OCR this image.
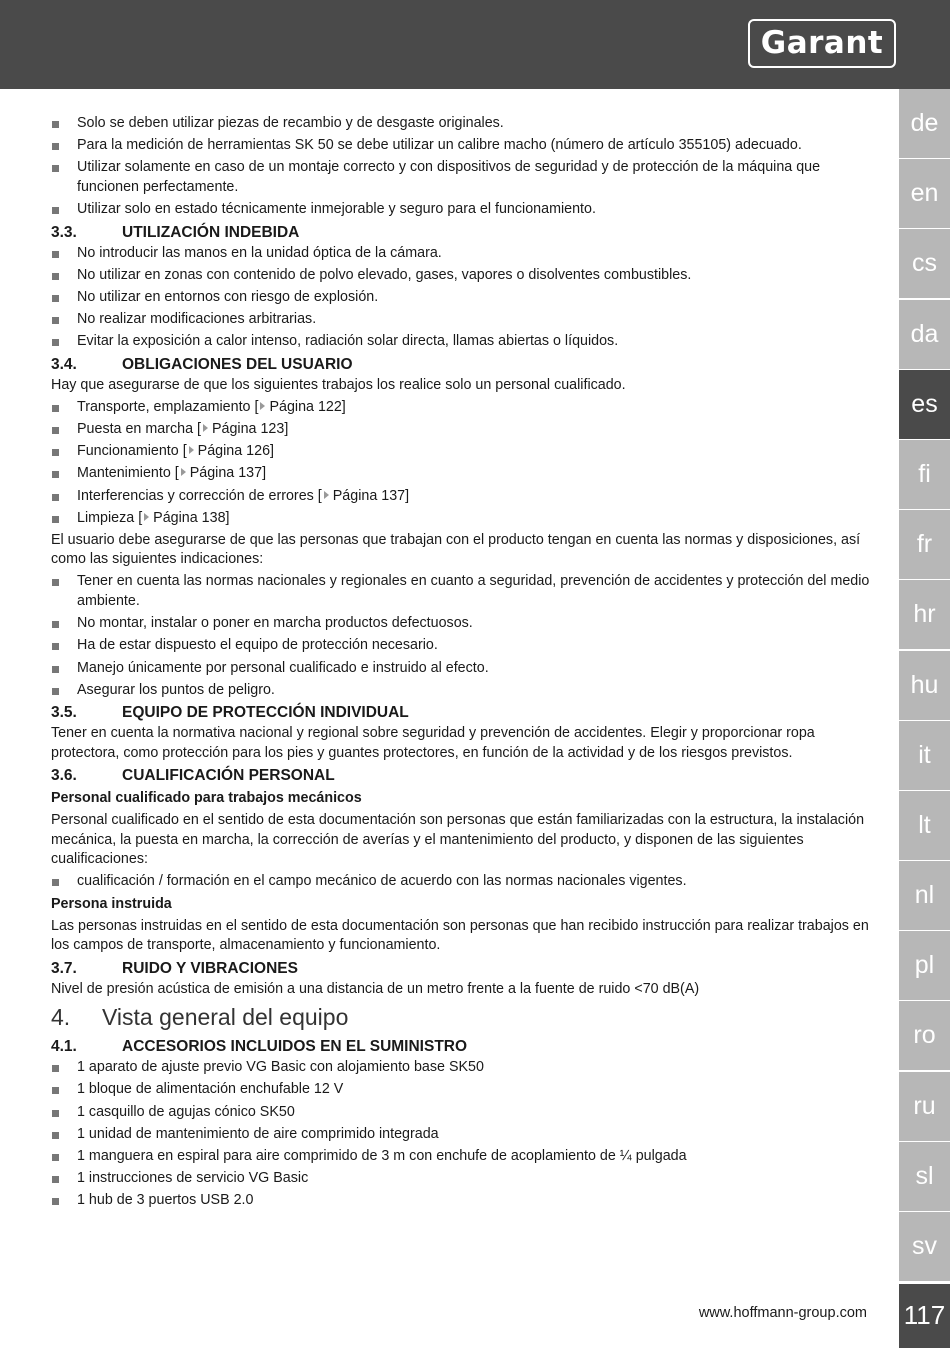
Garant
de
en
cs
da
es
fi
fr
hr
hu
it
lt
nl
pl
ro
ru
sl
sv
117
www.hoffmann-group.com
Solo se deben utilizar piezas de recambio y de desgaste originales.
Para la medición de herramientas SK 50 se debe utilizar un calibre macho (número de artículo 355105) adecuado.
Utilizar solamente en caso de un montaje correcto y con dispositivos de seguridad y de protección de la máquina que funcionen perfectamente.
Utilizar solo en estado técnicamente inmejorable y seguro para el funcionamiento.
3.3.	UTILIZACIÓN INDEBIDA
No introducir las manos en la unidad óptica de la cámara.
No utilizar en zonas con contenido de polvo elevado, gases, vapores o disolventes combustibles.
No utilizar en entornos con riesgo de explosión.
No realizar modificaciones arbitrarias.
Evitar la exposición a calor intenso, radiación solar directa, llamas abiertas o líquidos.
3.4.	OBLIGACIONES DEL USUARIO

Hay que asegurarse de que los siguientes trabajos los realice solo un personal cualificado.

Transporte, emplazamiento [ Página 122]
Puesta en marcha [ Página 123]
Funcionamiento [ Página 126]
Mantenimiento [ Página 137]
Interferencias y corrección de errores [ Página 137]
Limpieza [ Página 138]

El usuario debe asegurarse de que las personas que trabajan con el producto tengan en cuenta las normas y disposiciones, así como las siguientes indicaciones:

Tener en cuenta las normas nacionales y regionales en cuanto a seguridad, prevención de accidentes y protección del medio ambiente.
No montar, instalar o poner en marcha productos defectuosos.
Ha de estar dispuesto el equipo de protección necesario.
Manejo únicamente por personal cualificado e instruido al efecto.
Asegurar los puntos de peligro.
3.5.	EQUIPO DE PROTECCIÓN INDIVIDUAL

Tener en cuenta la normativa nacional y regional sobre seguridad y prevención de accidentes. Elegir y proporcionar ropa protectora, como protección para los pies y guantes protectores, en función de la actividad y de los riesgos previstos.

3.6.	CUALIFICACIÓN PERSONAL

Personal cualificado para trabajos mecánicos

Personal cualificado en el sentido de esta documentación son personas que están familiarizadas con la estructura, la instalación mecánica, la puesta en marcha, la corrección de averías y el mantenimiento del producto, y disponen de las siguientes cualificaciones:

cualificación / formación en el campo mecánico de acuerdo con las normas nacionales vigentes.

Persona instruida

Las personas instruidas en el sentido de esta documentación son personas que han recibido instrucción para realizar trabajos en los campos de transporte, almacenamiento y funcionamiento.

3.7.	RUIDO Y VIBRACIONES

Nivel de presión acústica de emisión a una distancia de un metro frente a la fuente de ruido <70 dB(A)

4. Vista general del equipo
4.1.	ACCESORIOS INCLUIDOS EN EL SUMINISTRO
1 aparato de ajuste previo VG Basic con alojamiento base SK50
1 bloque de alimentación enchufable 12 V
1 casquillo de agujas cónico SK50
1 unidad de mantenimiento de aire comprimido integrada
1 manguera en espiral para aire comprimido de 3 m con enchufe de acoplamiento de ¼ pulgada
1 instrucciones de servicio VG Basic
1 hub de 3 puertos USB 2.0
